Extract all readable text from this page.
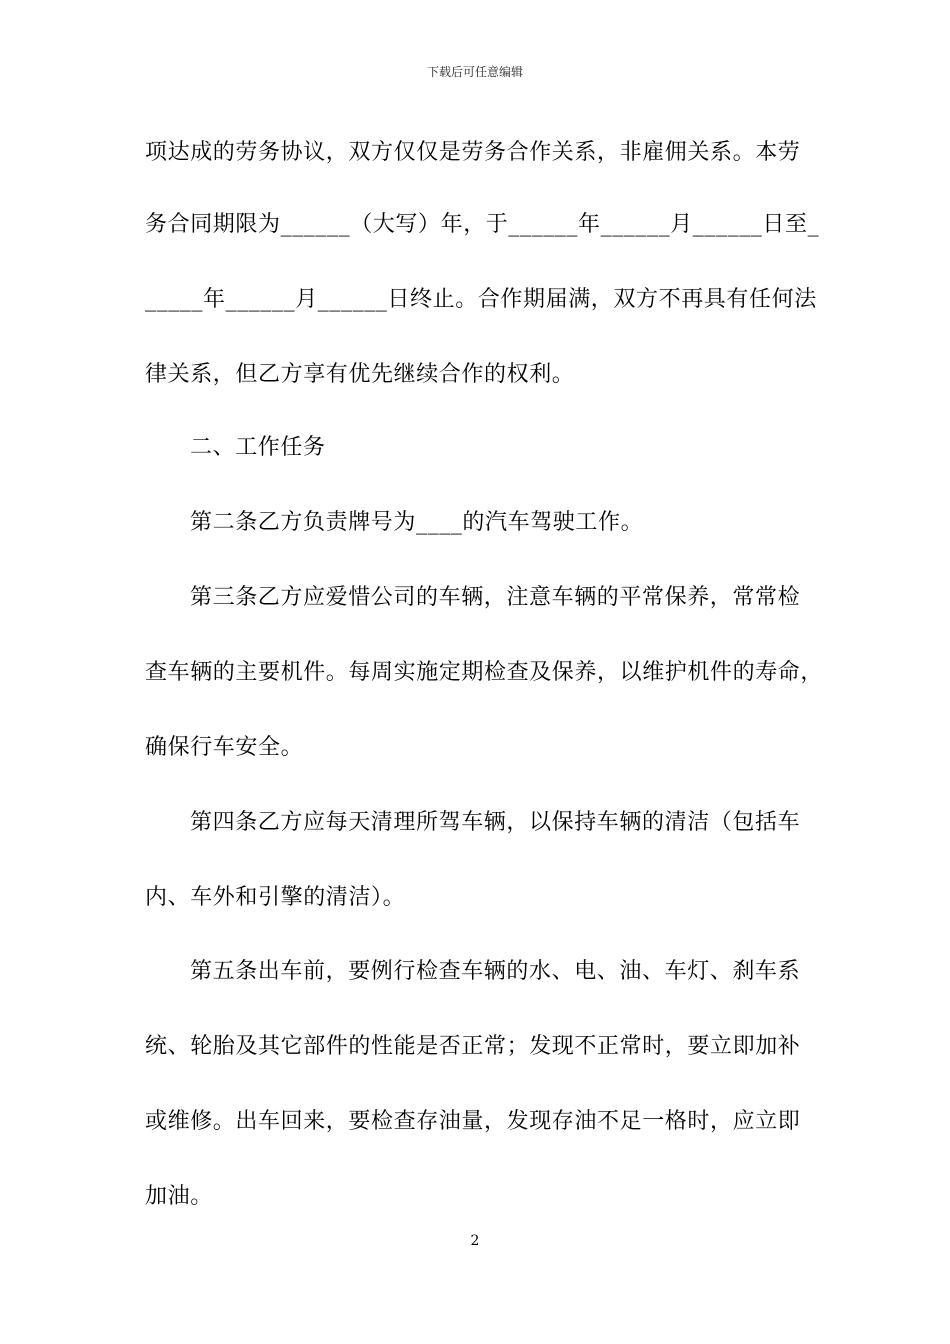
下载后可任意编辑
项达成的劳务协议，双方仅仅是劳务合作关系，非雇佣关系。本劳
务合同期限为______（大写）年，于______年______月______日至_
_____年______月______日终止。合作期届满，双方不再具有任何法
律关系，但乙方享有优先继续合作的权利。
二、工作任务
第二条乙方负责牌号为____的汽车驾驶工作。
第三条乙方应爱惜公司的车辆，注意车辆的平常保养，常常检
查车辆的主要机件。每周实施定期检查及保养，以维护机件的寿命，
确保行车安全。
第四条乙方应每天清理所驾车辆，以保持车辆的清洁（包括车
内、车外和引擎的清洁）。
第五条出车前，要例行检查车辆的水、电、油、车灯、刹车系
统、轮胎及其它部件的性能是否正常；发现不正常时，要立即加补
或维修。出车回来，要检查存油量，发现存油不足一格时，应立即
加油。
2
